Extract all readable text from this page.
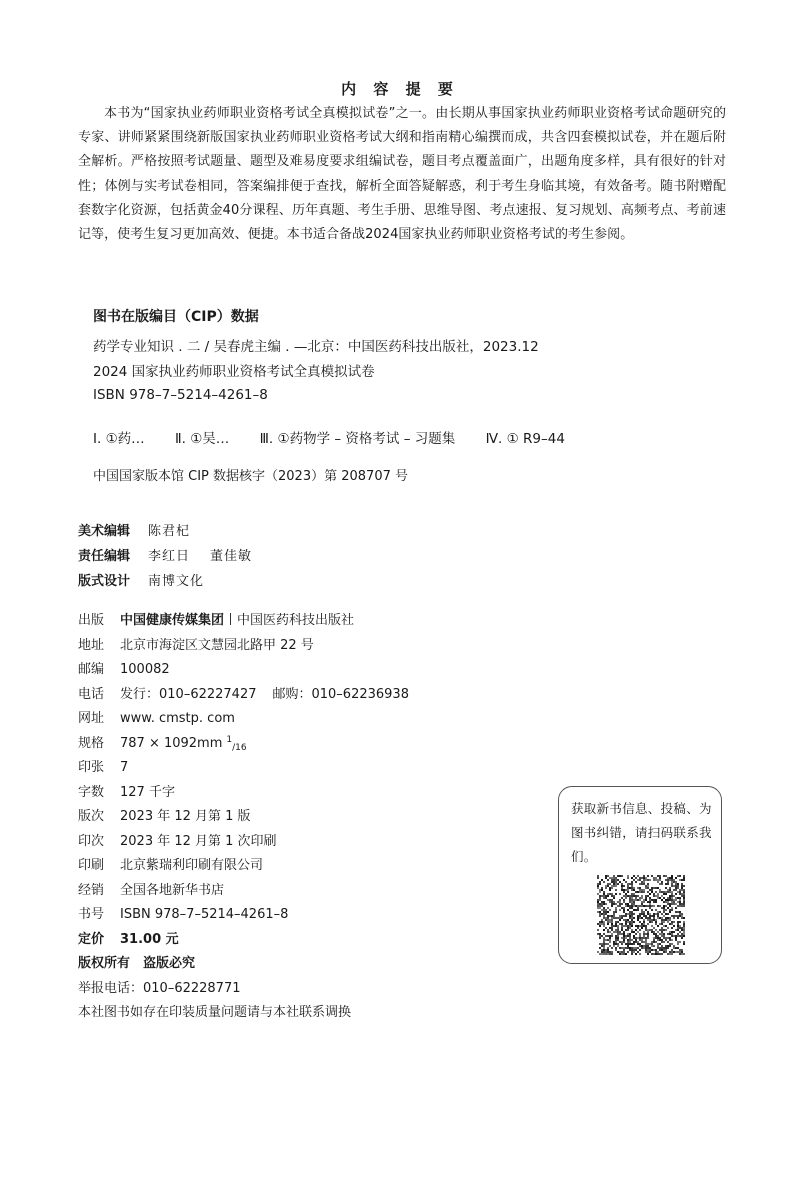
内 容 提 要
本书为“国家执业药师职业资格考试全真模拟试卷”之一。由长期从事国家执业药师职业资格考试命题研究的专家、讲师紧紧围绕新版国家执业药师职业资格考试大纲和指南精心编撰而成，共含四套模拟试卷，并在题后附全解析。严格按照考试题量、题型及难易度要求组编试卷，题目考点覆盖面广，出题角度多样，具有很好的针对性；体例与实考试卷相同，答案编排便于查找，解析全面答疑解惑，利于考生身临其境，有效备考。随书附赠配套数字化资源，包括黄金40分课程、历年真题、考生手册、思维导图、考点速报、复习规划、高频考点、考前速记等，使考生复习更加高效、便捷。本书适合备战2024国家执业药师职业资格考试的考生参阅。
图书在版编目（CIP）数据
药学专业知识 . 二 / 吴春虎主编 . —北京：中国医药科技出版社，2023.12
2024 国家执业药师职业资格考试全真模拟试卷
ISBN 978–7–5214–4261–8
Ⅰ. ①药… Ⅱ. ①吴… Ⅲ. ①药物学 – 资格考试 – 习题集 Ⅳ. ① R9–44
中国国家版本馆 CIP 数据核字（2023）第 208707 号
美术编辑 陈君杞
责任编辑 李红日 董佳敏
版式设计 南博文化
出版 中国健康传媒集团 中国医药科技出版社
地址 北京市海淀区文慧园北路甲 22 号
邮编 100082
电话 发行：010–62227427 邮购：010–62236938
网址 www. cmstp. com
规格 787 × 1092mm $^1_{/16}$
印张 7
字数 127 千字
版次 2023 年 12 月第 1 版
印次 2023 年 12 月第 1 次印刷
印刷 北京紫瑞利印刷有限公司
经销 全国各地新华书店
书号 ISBN 978–7–5214–4261–8
定价 31.00 元
版权所有　盗版必究
举报电话：010–62228771
本社图书如存在印装质量问题请与本社联系调换
获取新书信息、投稿、为图书纠错，请扫码联系我们。
